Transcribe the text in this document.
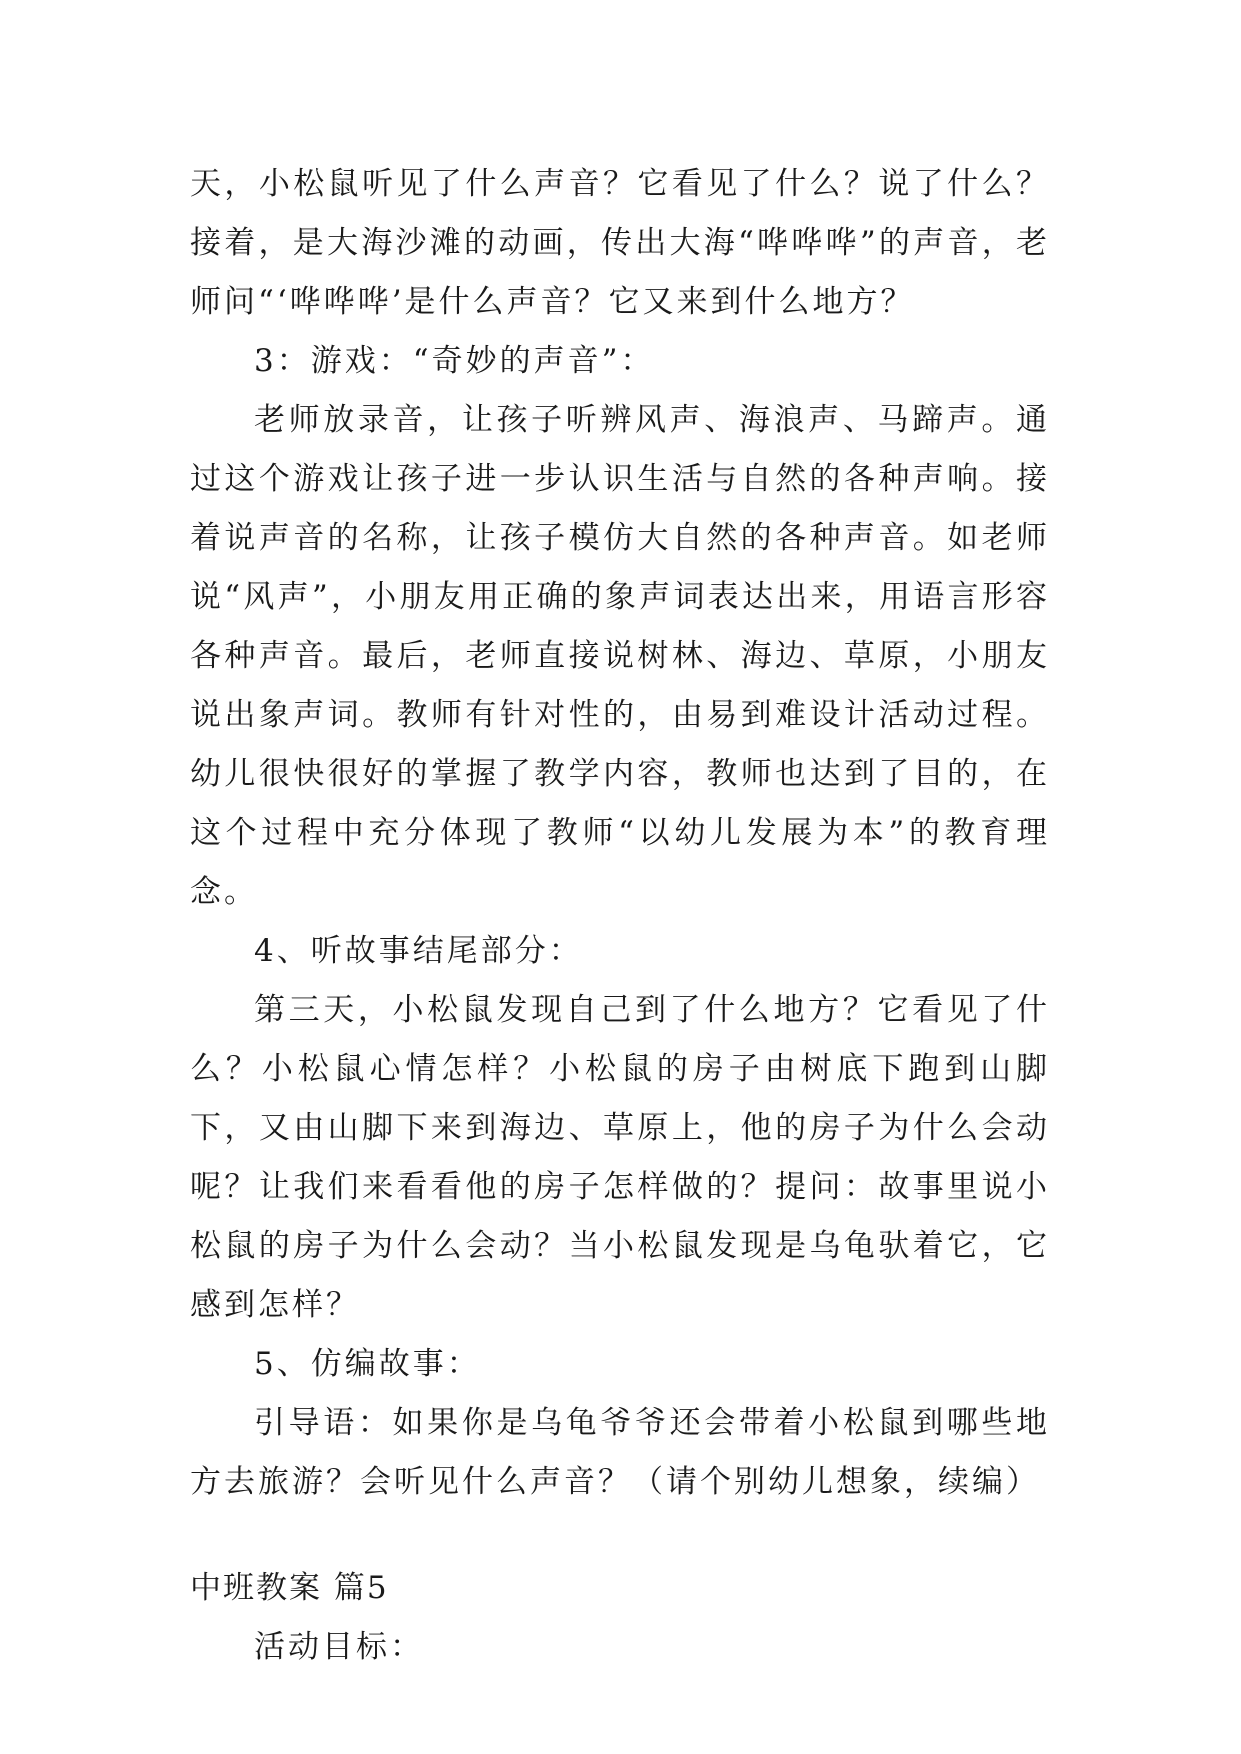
天，小松鼠听见了什么声音？它看见了什么？说了什么？接着，是大海沙滩的动画，传出大海“哗哗哗”的声音，老师问“‘哗哗哗’是什么声音？它又来到什么地方？

3：游戏：“奇妙的声音”：

老师放录音，让孩子听辨风声、海浪声、马蹄声。通过这个游戏让孩子进一步认识生活与自然的各种声响。接着说声音的名称，让孩子模仿大自然的各种声音。如老师说“风声”，小朋友用正确的象声词表达出来，用语言形容各种声音。最后，老师直接说树林、海边、草原，小朋友说出象声词。教师有针对性的，由易到难设计活动过程。幼儿很快很好的掌握了教学内容，教师也达到了目的，在这个过程中充分体现了教师“以幼儿发展为本”的教育理念。

4、听故事结尾部分：

第三天，小松鼠发现自己到了什么地方？它看见了什么？小松鼠心情怎样？小松鼠的房子由树底下跑到山脚下，又由山脚下来到海边、草原上，他的房子为什么会动呢？让我们来看看他的房子怎样做的？提问：故事里说小松鼠的房子为什么会动？当小松鼠发现是乌龟驮着它，它感到怎样？

5、仿编故事：

引导语：如果你是乌龟爷爷还会带着小松鼠到哪些地方去旅游？会听见什么声音？（请个别幼儿想象，续编）

中班教案 篇5

活动目标：
